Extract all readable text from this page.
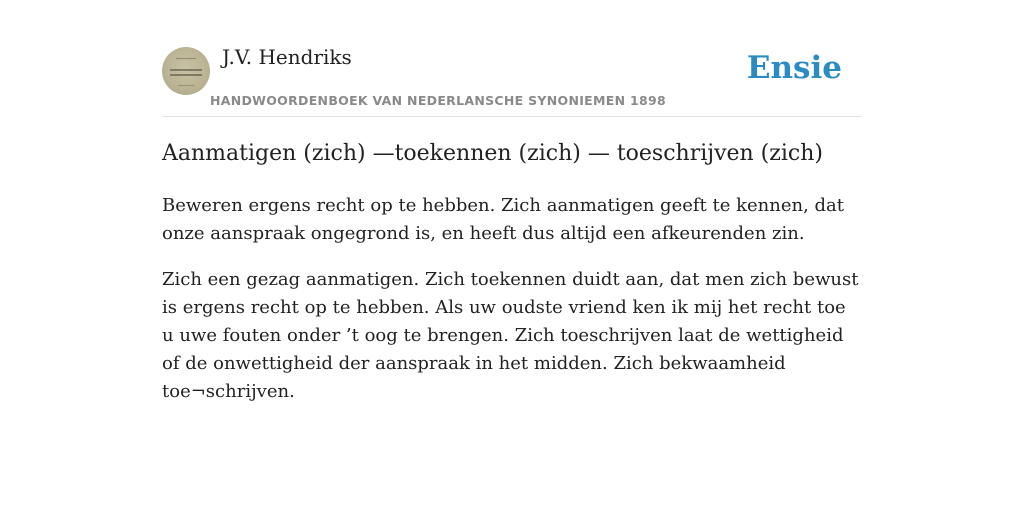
J.V. Hendriks
HANDWOORDENBOEK VAN NEDERLANSCHE SYNONIEMEN 1898
Ensie
Aanmatigen (zich) —toekennen (zich) — toeschrijven (zich)

Beweren ergens recht op te hebben. Zich aanmatigen geeft te kennen, dat onze aanspraak ongegrond is, en heeft dus altijd een afkeurenden zin.

Zich een gezag aanmatigen. Zich toekennen duidt aan, dat men zich bewust is ergens recht op te hebben. Als uw oudste vriend ken ik mij het recht toe u uwe fouten onder ’t oog te brengen. Zich toeschrijven laat de wettigheid of de onwettigheid der aanspraak in het midden. Zich bekwaamheid toe¬schrijven.
